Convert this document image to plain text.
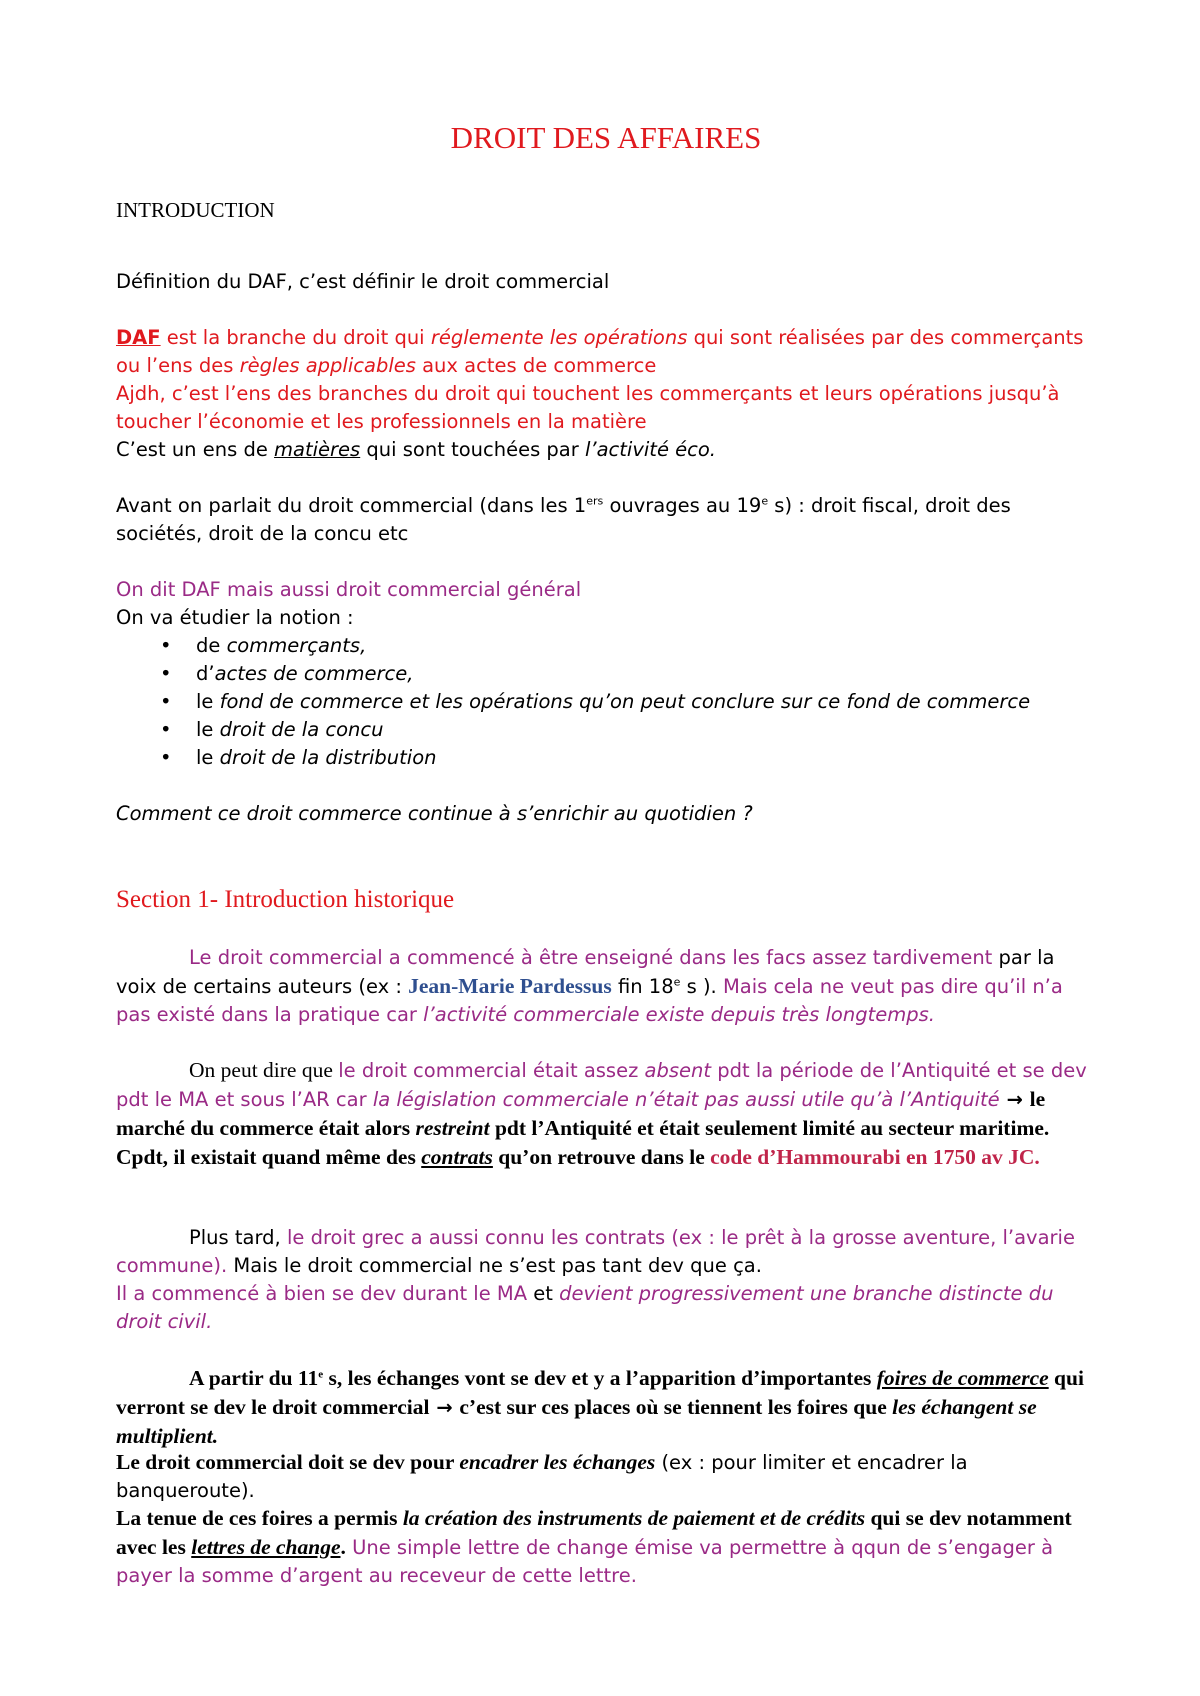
DROIT DES AFFAIRES

INTRODUCTION

Définition du DAF, c’est définir le droit commercial

DAF est la branche du droit qui réglemente les opérations qui sont réalisées par des commerçants ou l’ens des règles applicables aux actes de commerce
Ajdh, c’est l’ens des branches du droit qui touchent les commerçants et leurs opérations jusqu’à toucher l’économie et les professionnels en la matière

C’est un ens de matières qui sont touchées par l’activité éco.

Avant on parlait du droit commercial (dans les 1ers ouvrages au 19e s) : droit fiscal, droit des sociétés, droit de la concu etc

On dit DAF mais aussi droit commercial général

On va étudier la notion :

• de commerçants,
• d’actes de commerce,
• le fond de commerce et les opérations qu’on peut conclure sur ce fond de commerce
• le droit de la concu
• le droit de la distribution

Comment ce droit commerce continue à s’enrichir au quotidien ?

Section 1- Introduction historique

Le droit commercial a commencé à être enseigné dans les facs assez tardivement par la voix de certains auteurs (ex : Jean-Marie Pardessus fin 18e s ). Mais cela ne veut pas dire qu’il n’a pas existé dans la pratique car l’activité commerciale existe depuis très longtemps.

On peut dire que le droit commercial était assez absent pdt la période de l’Antiquité et se dev pdt le MA et sous l’AR car la législation commerciale n’était pas aussi utile qu’à l’Antiquité → le marché du commerce était alors restreint pdt l’Antiquité et était seulement limité au secteur maritime. Cpdt, il existait quand même des contrats qu’on retrouve dans le code d’Hammourabi en 1750 av JC.

Plus tard, le droit grec a aussi connu les contrats (ex : le prêt à la grosse aventure, l’avarie commune). Mais le droit commercial ne s’est pas tant dev que ça.

Il a commencé à bien se dev durant le MA et devient progressivement une branche distincte du droit civil.

A partir du 11e s, les échanges vont se dev et y a l’apparition d’importantes foires de commerce qui verront se dev le droit commercial → c’est sur ces places où se tiennent les foires que les échangent se multiplient.

Le droit commercial doit se dev pour encadrer les échanges (ex : pour limiter et encadrer la banqueroute).

La tenue de ces foires a permis la création des instruments de paiement et de crédits qui se dev notamment avec les lettres de change. Une simple lettre de change émise va permettre à qqun de s’engager à payer la somme d’argent au receveur de cette lettre.
